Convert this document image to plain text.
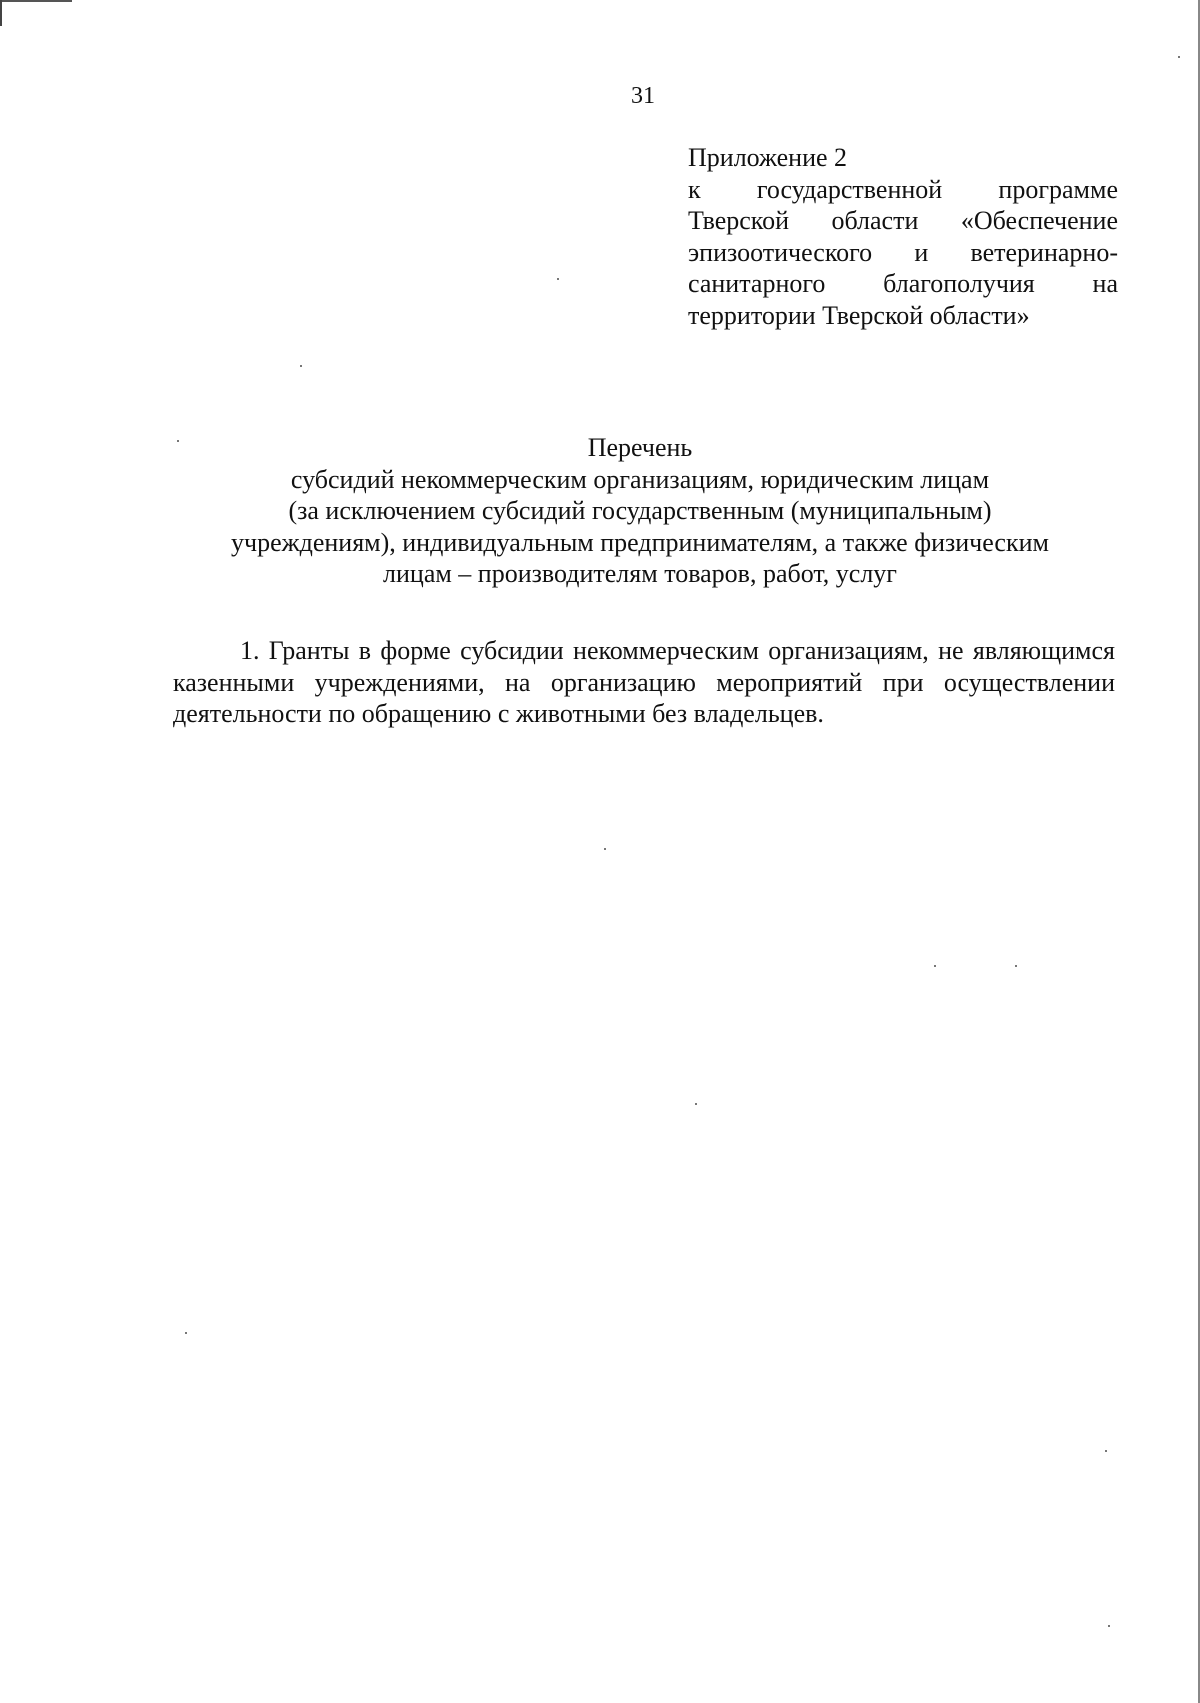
31
Приложение 2
к государственной программе Тверской области «Обеспечение эпизоотического и ветеринарно-санитарного благополучия на территории Тверской области»
Перечень
субсидий некоммерческим организациям, юридическим лицам
(за исключением субсидий государственным (муниципальным)
учреждениям), индивидуальным предпринимателям, а также физическим
лицам – производителям товаров, работ, услуг
1. Гранты в форме субсидии некоммерческим организациям, не являющимся казенными учреждениями, на организацию мероприятий при осуществлении деятельности по обращению с животными без владельцев.
